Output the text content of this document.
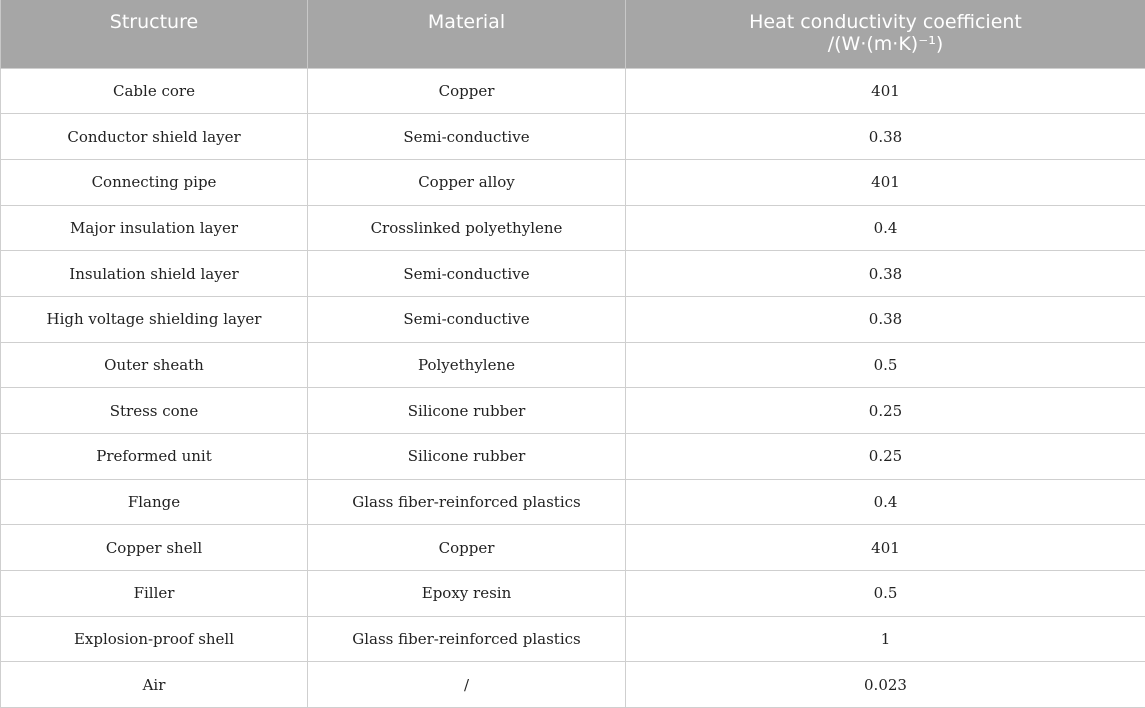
Structure	Material	Heat conductivity coefficient
/(W·(m·K)⁻¹)

Cable core	Copper	401
Conductor shield layer	Semi-conductive	0.38
Connecting pipe	Copper alloy	401
Major insulation layer	Crosslinked polyethylene	0.4
Insulation shield layer	Semi-conductive	0.38
High voltage shielding layer	Semi-conductive	0.38
Outer sheath	Polyethylene	0.5
Stress cone	Silicone rubber	0.25
Preformed unit	Silicone rubber	0.25
Flange	Glass fiber-reinforced plastics	0.4
Copper shell	Copper	401
Filler	Epoxy resin	0.5
Explosion-proof shell	Glass fiber-reinforced plastics	1
Air	/	0.023
